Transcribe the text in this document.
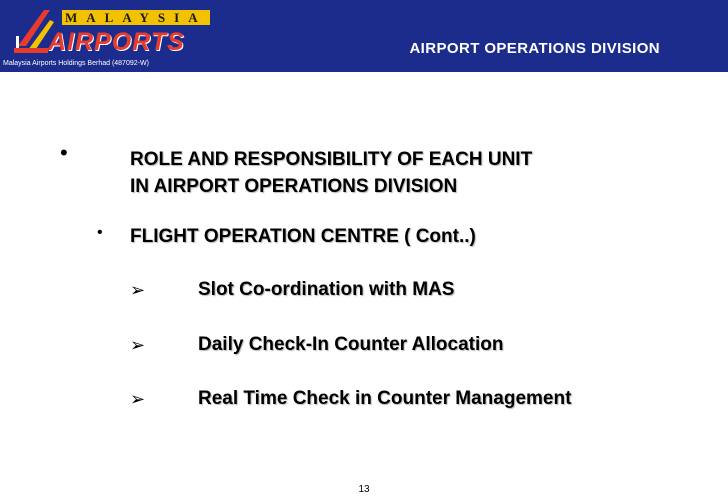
MALAYSIA
AIRPORTS
Malaysia Airports Holdings Berhad (487092-W)
AIRPORT OPERATIONS DIVISION
•	ROLE AND RESPONSIBILITY OF EACH UNIT
IN AIRPORT OPERATIONS DIVISION
• FLIGHT OPERATION CENTRE ( Cont..)
➢	Slot Co-ordination with MAS
➢	Daily Check-In Counter Allocation
➢	Real Time Check in Counter Management
13
